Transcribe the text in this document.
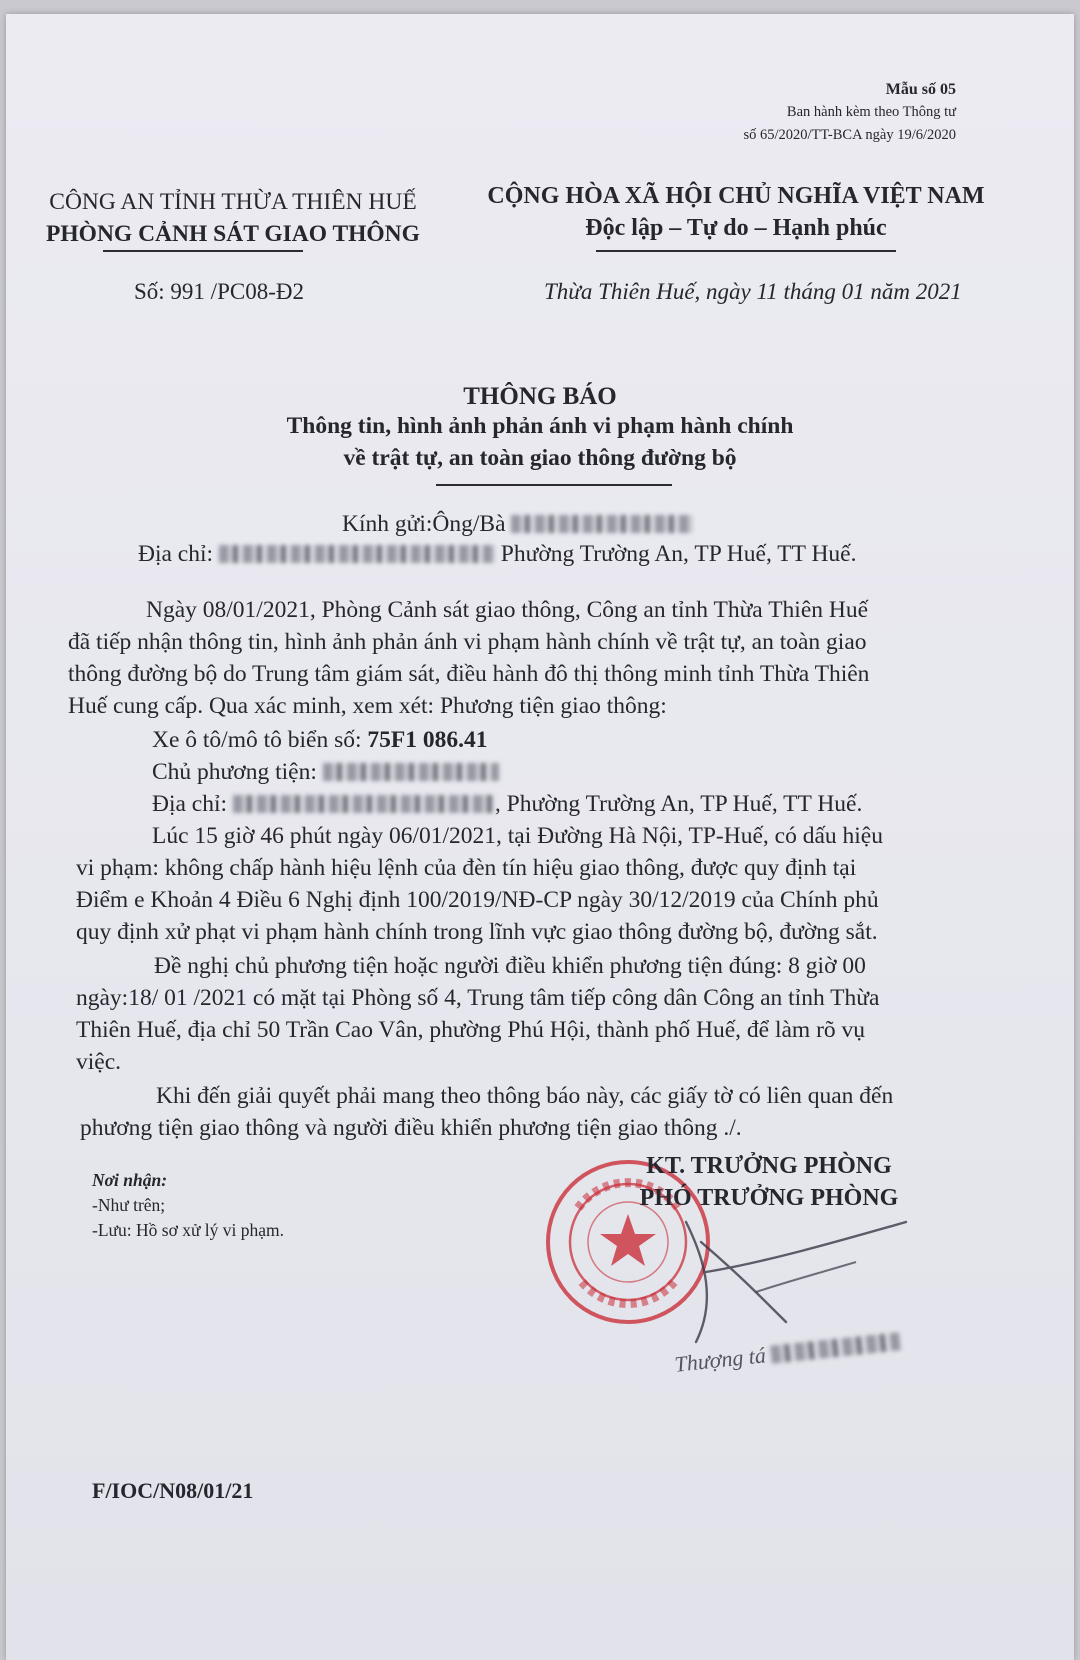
Mẫu số 05
Ban hành kèm theo Thông tư
số 65/2020/TT-BCA ngày 19/6/2020
CÔNG AN TỈNH THỪA THIÊN HUẾ
PHÒNG CẢNH SÁT GIAO THÔNG
CỘNG HÒA XÃ HỘI CHỦ NGHĨA VIỆT NAM
Độc lập – Tự do – Hạnh phúc
Số: 991 /PC08-Đ2	Thừa Thiên Huế, ngày 11 tháng 01 năm 2021
THÔNG BÁO
Thông tin, hình ảnh phản ánh vi phạm hành chính
về trật tự, an toàn giao thông đường bộ
Kính gửi:Ông/Bà
Địa chỉ:	Phường Trường An, TP Huế, TT Huế.
Ngày 08/01/2021, Phòng Cảnh sát giao thông, Công an tỉnh Thừa Thiên Huế
đã tiếp nhận thông tin, hình ảnh phản ánh vi phạm hành chính về trật tự, an toàn giao
thông đường bộ do Trung tâm giám sát, điều hành đô thị thông minh tỉnh Thừa Thiên
Huế cung cấp. Qua xác minh, xem xét: Phương tiện giao thông:
Xe ô tô/mô tô biển số: 75F1 086.41
Chủ phương tiện:
Địa chỉ:	, Phường Trường An, TP Huế, TT Huế.
Lúc 15 giờ 46 phút ngày 06/01/2021, tại Đường Hà Nội, TP-Huế, có dấu hiệu
vi phạm: không chấp hành hiệu lệnh của đèn tín hiệu giao thông, được quy định tại
Điểm e Khoản 4 Điều 6 Nghị định 100/2019/NĐ-CP ngày 30/12/2019 của Chính phủ
quy định xử phạt vi phạm hành chính trong lĩnh vực giao thông đường bộ, đường sắt.
Đề nghị chủ phương tiện hoặc người điều khiển phương tiện đúng: 8 giờ 00
ngày:18/ 01 /2021 có mặt tại Phòng số 4, Trung tâm tiếp công dân Công an tỉnh Thừa
Thiên Huế, địa chỉ 50 Trần Cao Vân, phường Phú Hội, thành phố Huế, để làm rõ vụ
việc.
Khi đến giải quyết phải mang theo thông báo này, các giấy tờ có liên quan đến
phương tiện giao thông và người điều khiển phương tiện giao thông ./.
Nơi nhận:
-Như trên;
-Lưu: Hồ sơ xử lý vi phạm.
KT. TRƯỞNG PHÒNG
PHÓ TRƯỞNG PHÒNG
Thượng tá
F/IOC/N08/01/21
